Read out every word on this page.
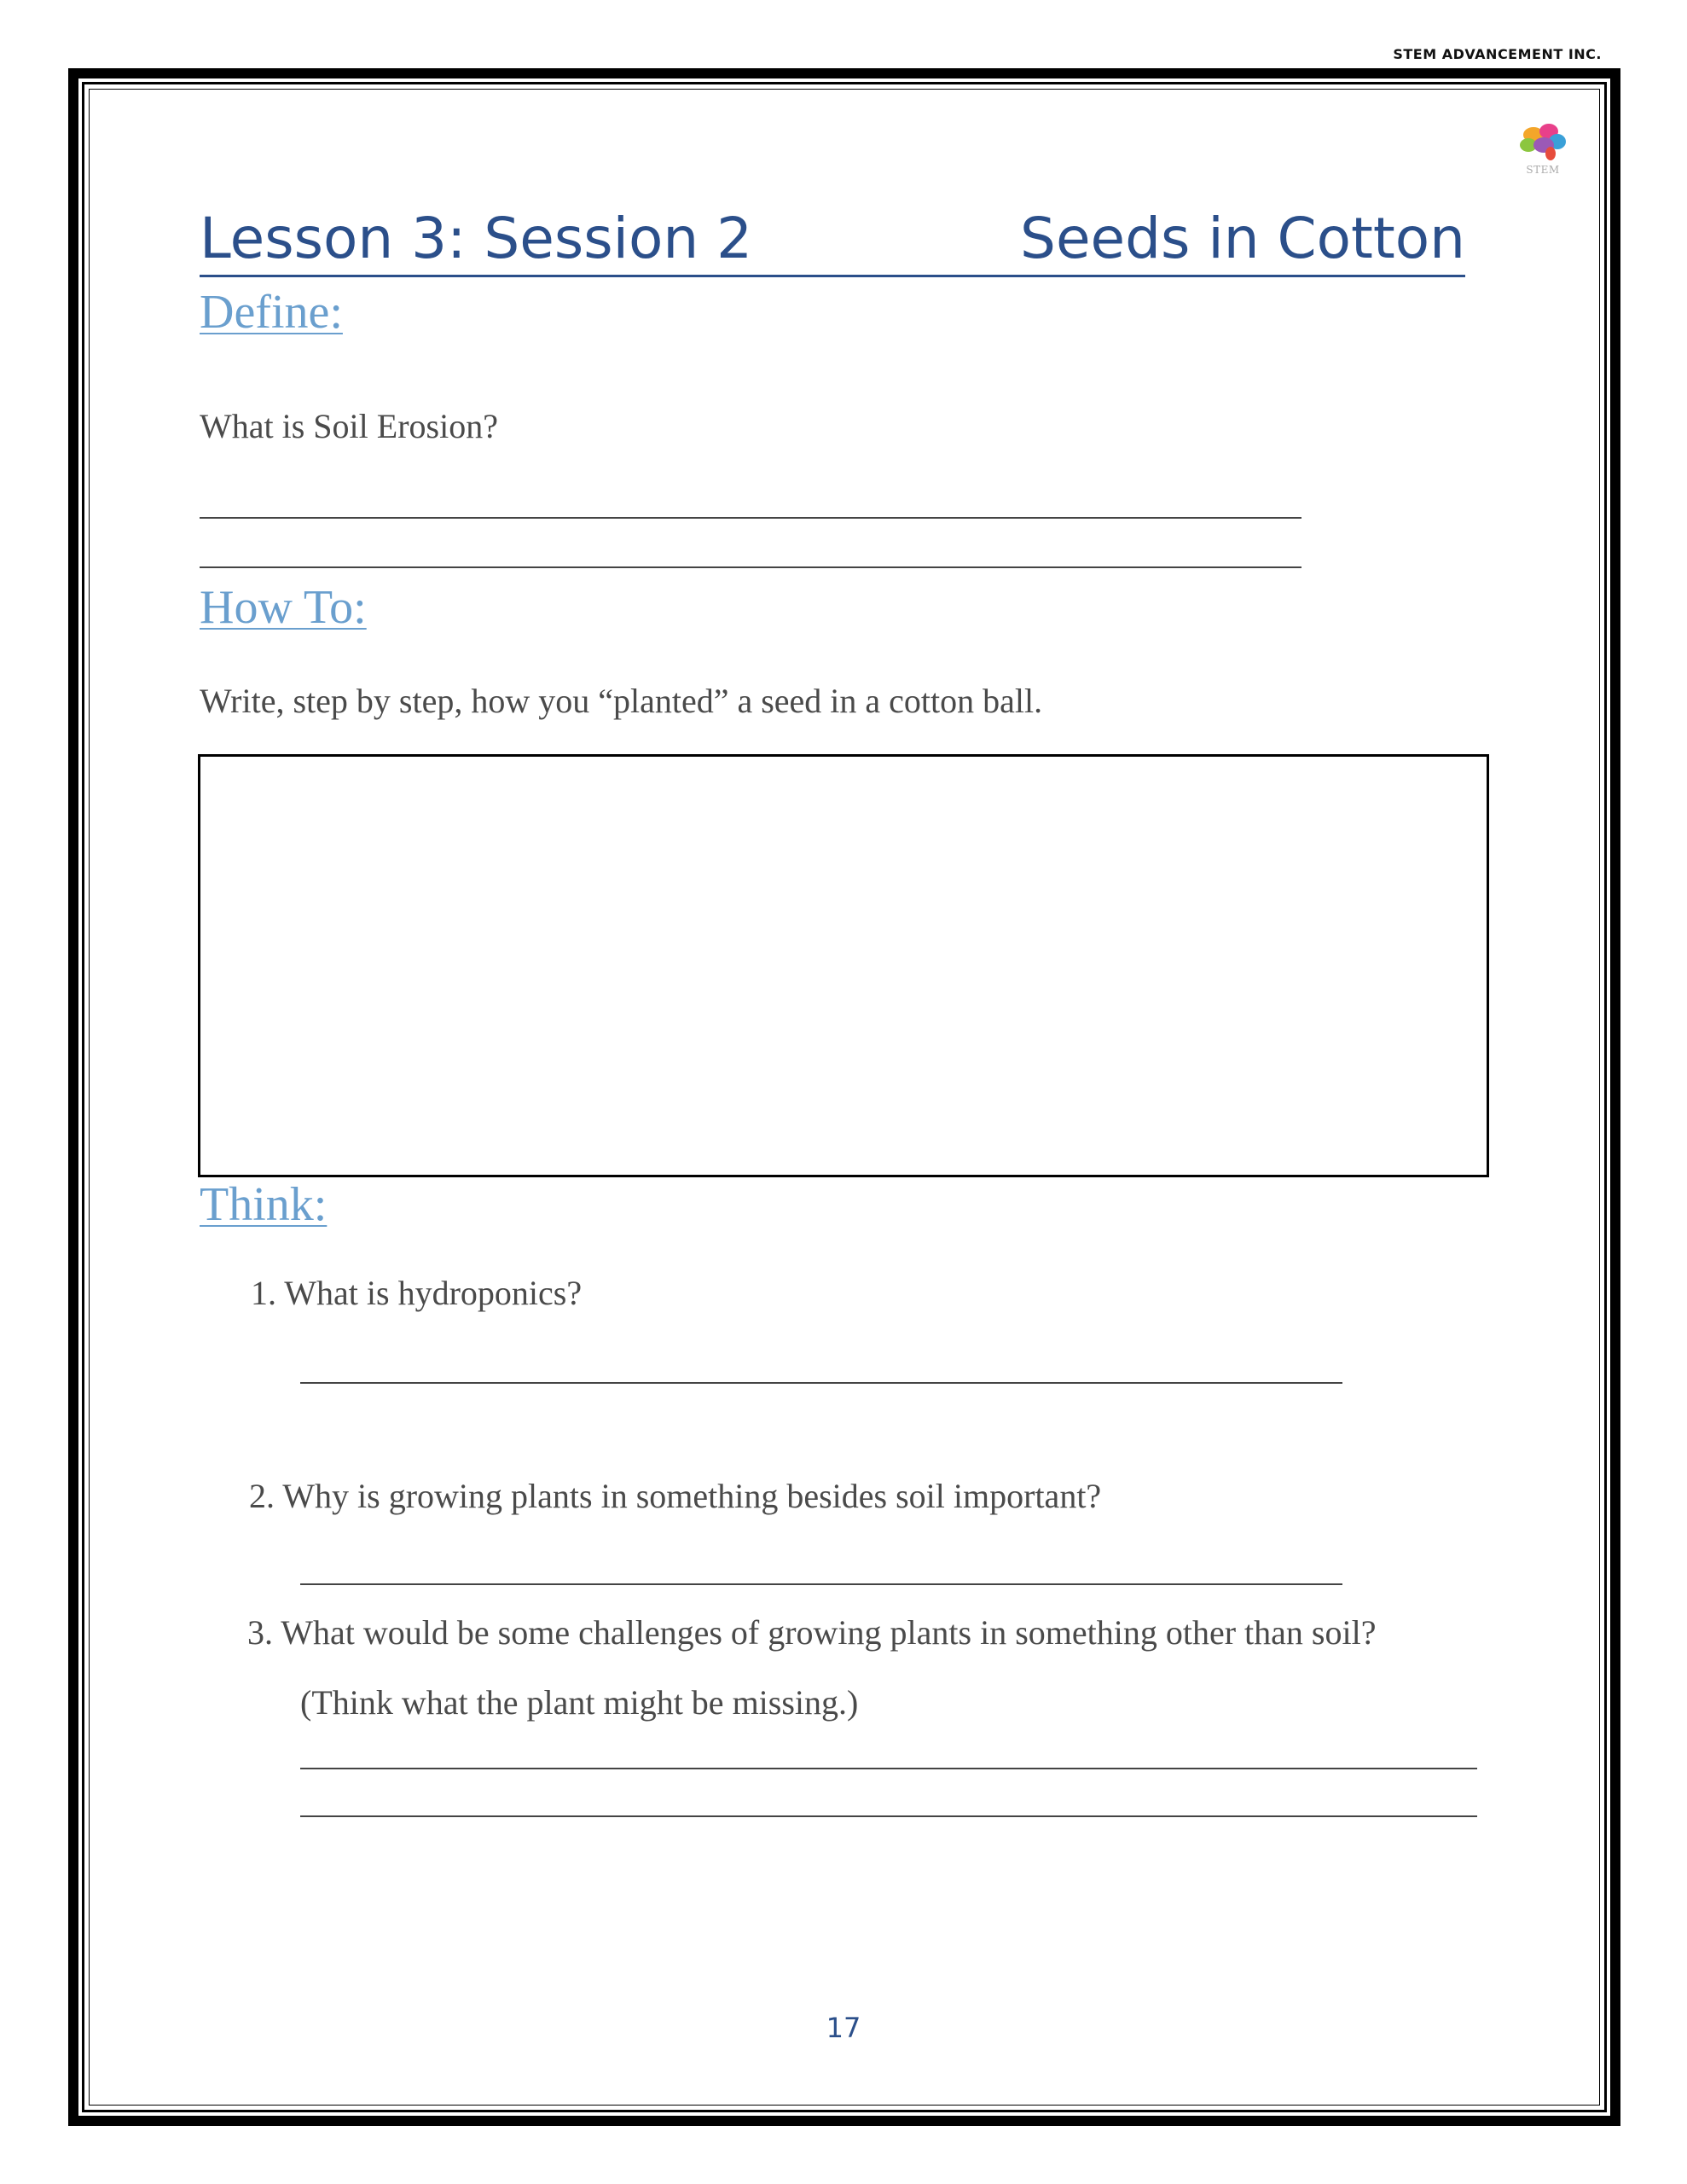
STEM ADVANCEMENT INC.
STEM
Lesson 3: Session 2	Seeds in Cotton
Define:
What is Soil Erosion?
How To:
Write, step by step, how you “planted” a seed in a cotton ball.
Think:
1. What is hydroponics?
2. Why is growing plants in something besides soil important?
3. What would be some challenges of growing plants in something other than soil?
(Think what the plant might be missing.)
17
